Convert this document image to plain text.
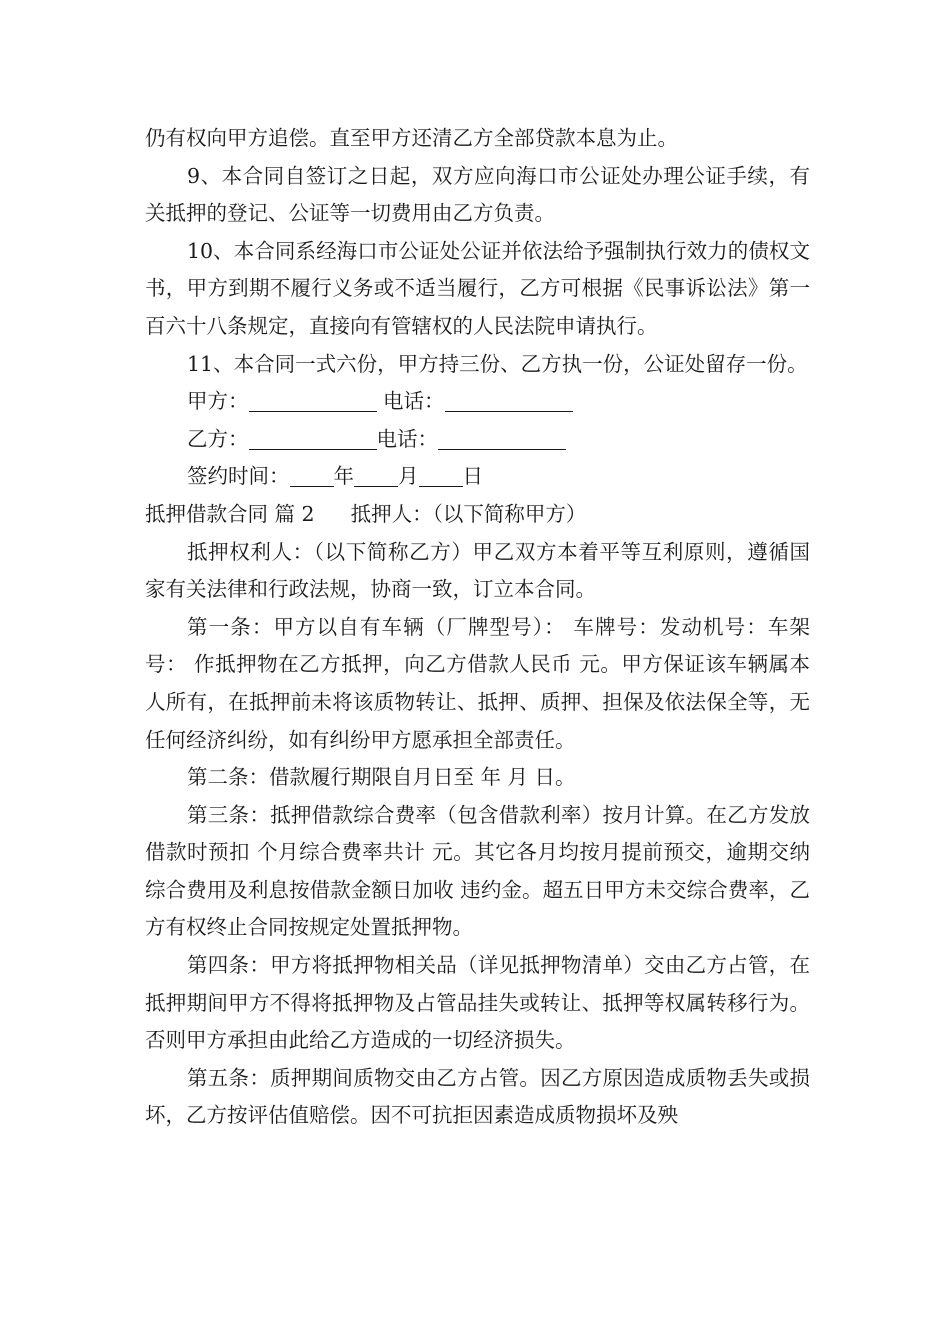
仍有权向甲方追偿。直至甲方还清乙方全部贷款本息为止。

9、本合同自签订之日起，双方应向海口市公证处办理公证手续，有关抵押的登记、公证等一切费用由乙方负责。

10、本合同系经海口市公证处公证并依法给予强制执行效力的债权文书，甲方到期不履行义务或不适当履行，乙方可根据《民事诉讼法》第一百六十八条规定，直接向有管辖权的人民法院申请执行。

11、本合同一式六份，甲方持三份、乙方执一份，公证处留存一份。

甲方：	电话：

乙方：	电话：

签约时间： 年 月 日

抵押借款合同 篇 2 抵押人：（以下简称甲方）

抵押权利人：（以下简称乙方）甲乙双方本着平等互利原则，遵循国家有关法律和行政法规，协商一致，订立本合同。

第一条：甲方以自有车辆（厂牌型号）： 车牌号：发动机号：车架号： 作抵押物在乙方抵押，向乙方借款人民币 元。甲方保证该车辆属本人所有，在抵押前未将该质物转让、抵押、质押、担保及依法保全等，无任何经济纠纷，如有纠纷甲方愿承担全部责任。

第二条：借款履行期限自月日至 年 月 日。

第三条：抵押借款综合费率（包含借款利率）按月计算。在乙方发放借款时预扣 个月综合费率共计 元。其它各月均按月提前预交，逾期交纳综合费用及利息按借款金额日加收 违约金。超五日甲方未交综合费率，乙方有权终止合同按规定处置抵押物。

第四条：甲方将抵押物相关品（详见抵押物清单）交由乙方占管，在抵押期间甲方不得将抵押物及占管品挂失或转让、抵押等权属转移行为。否则甲方承担由此给乙方造成的一切经济损失。

第五条：质押期间质物交由乙方占管。因乙方原因造成质物丢失或损坏，乙方按评估值赔偿。因不可抗拒因素造成质物损坏及殃
